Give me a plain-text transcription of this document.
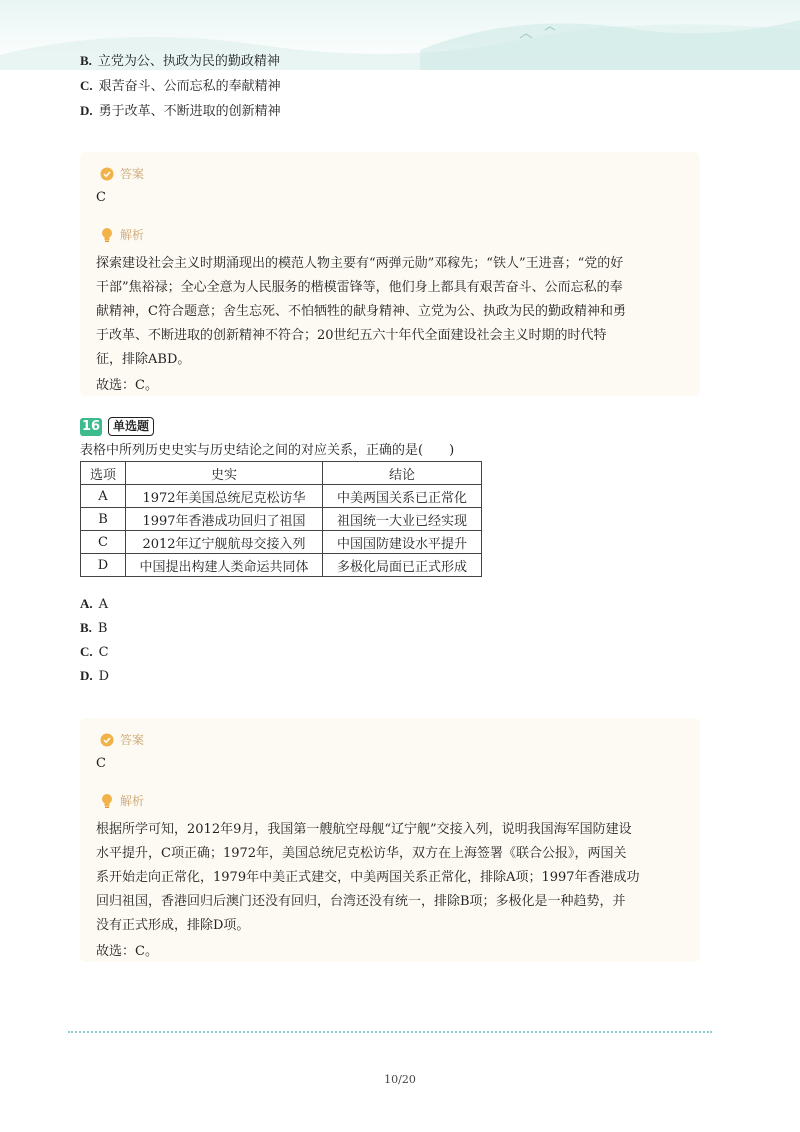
B. 立党为公、执政为民的勤政精神
C. 艰苦奋斗、公而忘私的奉献精神
D. 勇于改革、不断进取的创新精神
答案
C
解析
探索建设社会主义时期涌现出的模范人物主要有“两弹元勋”邓稼先；“铁人”王进喜；“党的好
干部”焦裕禄；全心全意为人民服务的楷模雷锋等，他们身上都具有艰苦奋斗、公而忘私的奉
献精神，C符合题意；舍生忘死、不怕牺牲的献身精神、立党为公、执政为民的勤政精神和勇
于改革、不断进取的创新精神不符合；20世纪五六十年代全面建设社会主义时期的时代特
征，排除ABD。
故选：C。
16	单选题
表格中所列历史史实与历史结论之间的对应关系，正确的是(　　)
选项	史实	结论
A	1972年美国总统尼克松访华	中美两国关系已正常化
B	1997年香港成功回归了祖国	祖国统一大业已经实现
C	2012年辽宁舰航母交接入列	中国国防建设水平提升
D	中国提出构建人类命运共同体	多极化局面已正式形成
A. A
B. B
C. C
D. D
答案
C
解析
根据所学可知，2012年9月，我国第一艘航空母舰“辽宁舰”交接入列，说明我国海军国防建设
水平提升，C项正确；1972年，美国总统尼克松访华，双方在上海签署《联合公报》，两国关
系开始走向正常化，1979年中美正式建交，中美两国关系正常化，排除A项；1997年香港成功
回归祖国，香港回归后澳门还没有回归，台湾还没有统一，排除B项；多极化是一种趋势，并
没有正式形成，排除D项。
故选：C。
10/20
